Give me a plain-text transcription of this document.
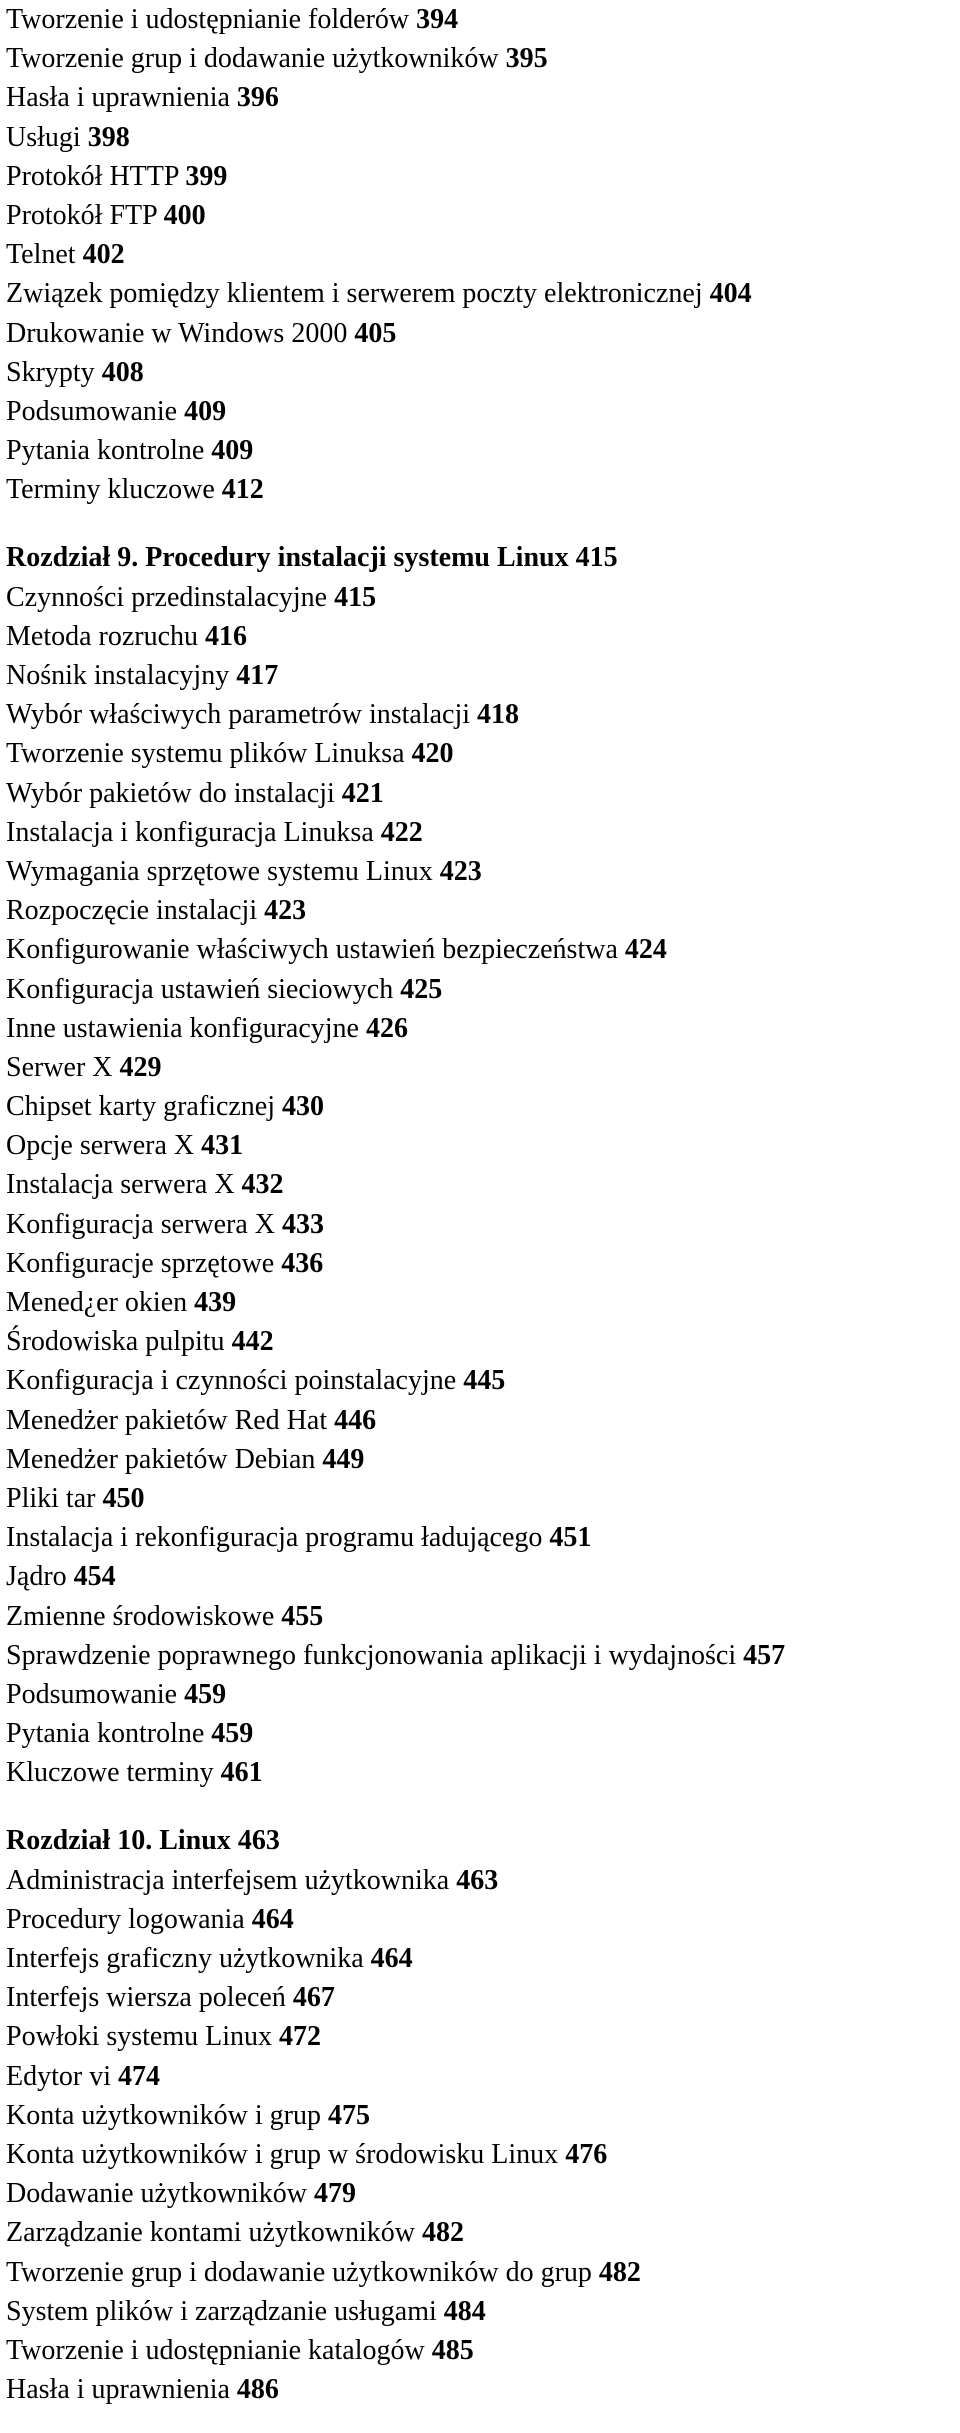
Tworzenie i udostępnianie folderów 394
Tworzenie grup i dodawanie użytkowników 395
Hasła i uprawnienia 396
Usługi 398
Protokół HTTP 399
Protokół FTP 400
Telnet 402
Związek pomiędzy klientem i serwerem poczty elektronicznej 404
Drukowanie w Windows 2000 405
Skrypty 408
Podsumowanie 409
Pytania kontrolne 409
Terminy kluczowe 412
Rozdział 9. Procedury instalacji systemu Linux 415
Czynności przedinstalacyjne 415
Metoda rozruchu 416
Nośnik instalacyjny 417
Wybór właściwych parametrów instalacji 418
Tworzenie systemu plików Linuksa 420
Wybór pakietów do instalacji 421
Instalacja i konfiguracja Linuksa 422
Wymagania sprzętowe systemu Linux 423
Rozpoczęcie instalacji 423
Konfigurowanie właściwych ustawień bezpieczeństwa 424
Konfiguracja ustawień sieciowych 425
Inne ustawienia konfiguracyjne 426
Serwer X 429
Chipset karty graficznej 430
Opcje serwera X 431
Instalacja serwera X 432
Konfiguracja serwera X 433
Konfiguracje sprzętowe 436
Mened¿er okien 439
Środowiska pulpitu 442
Konfiguracja i czynności poinstalacyjne 445
Menedżer pakietów Red Hat 446
Menedżer pakietów Debian 449
Pliki tar 450
Instalacja i rekonfiguracja programu ładującego 451
Jądro 454
Zmienne środowiskowe 455
Sprawdzenie poprawnego funkcjonowania aplikacji i wydajności 457
Podsumowanie 459
Pytania kontrolne 459
Kluczowe terminy 461
Rozdział 10. Linux 463
Administracja interfejsem użytkownika 463
Procedury logowania 464
Interfejs graficzny użytkownika 464
Interfejs wiersza poleceń 467
Powłoki systemu Linux 472
Edytor vi 474
Konta użytkowników i grup 475
Konta użytkowników i grup w środowisku Linux 476
Dodawanie użytkowników 479
Zarządzanie kontami użytkowników 482
Tworzenie grup i dodawanie użytkowników do grup 482
System plików i zarządzanie usługami 484
Tworzenie i udostępnianie katalogów 485
Hasła i uprawnienia 486
